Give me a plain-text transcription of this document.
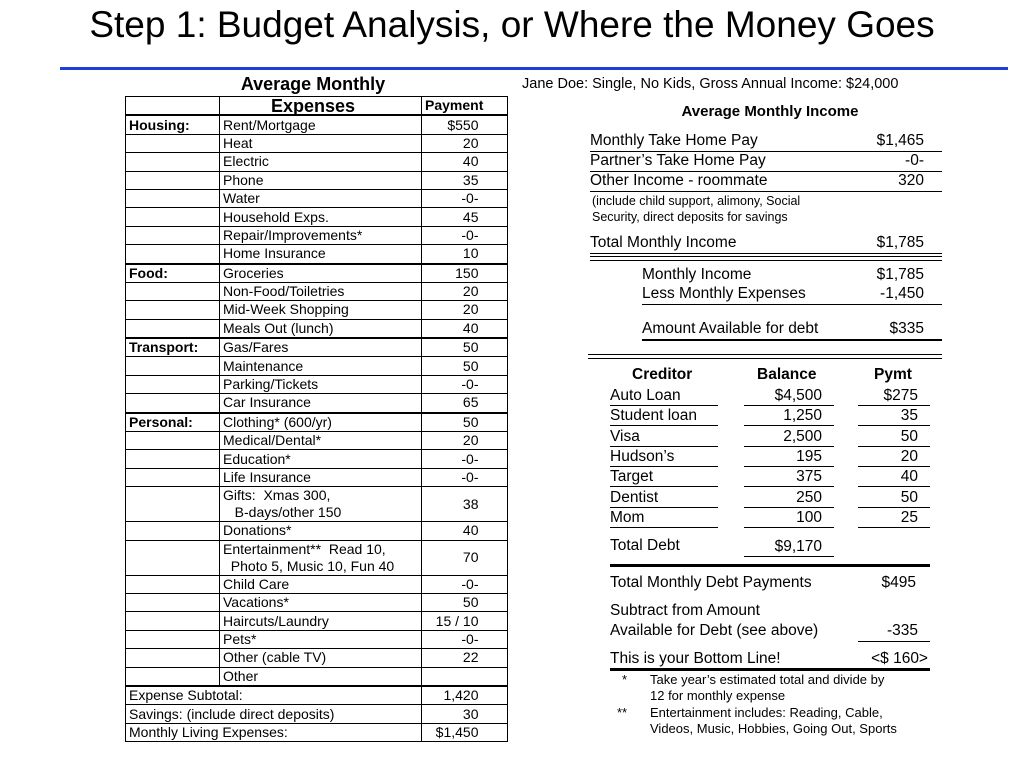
Step 1: Budget Analysis, or Where the Money Goes
Average Monthly Expenses
			Payment
Housing:	Rent/Mortgage	$550

	Heat	20

	Electric	40

	Phone	35

	Water	-0-

	Household Exps.	45

	Repair/Improvements*	-0-

	Home Insurance	10
Food:	Groceries	150

	Non-Food/Toiletries	20

	Mid-Week Shopping	20

	Meals Out (lunch)	40
Transport:	Gas/Fares	50

	Maintenance	50

	Parking/Tickets	-0-

	Car Insurance	65
Personal:	Clothing* (600/yr)	50

	Medical/Dental*	20

	Education*	-0-

	Life Insurance	-0-

	Gifts:  Xmas 300,
B-days/other 150	38

	Donations*	40

	Entertainment**  Read 10,
Photo 5, Music 10, Fun 40	70

	Child Care	-0-

	Vacations*	50

	Haircuts/Laundry	15 / 10

	Pets*	-0-

	Other (cable TV)	22

	Other	

Expense Subtotal:		1,420
Savings: (include direct deposits)		30
Monthly Living Expenses:		$1,450
Jane Doe: Single, No Kids, Gross Annual Income: $24,000
Average Monthly Income
Monthly Take Home Pay	$1,465
Partner’s Take Home Pay	-0-
Other Income - roommate	320
(include child support, alimony, Social
Security, direct deposits for savings
Total Monthly Income	$1,785
Monthly Income	$1,785
Less Monthly Expenses	-1,450
Amount Available for debt	$335
Creditor	Balance	Pymt
Auto Loan	$4,500	$275
Student loan	1,250	35
Visa	2,500	50
Hudson’s	195	20
Target	375	40
Dentist	250	50
Mom	100	25
Total Debt	$9,170
Total Monthly Debt Payments	$495
Subtract from Amount
Available for Debt (see above)	-335
This is your Bottom Line!	<$ 160>
* Take year’s estimated total and divide by
12 for monthly expense
** Entertainment includes: Reading, Cable,
Videos, Music, Hobbies, Going Out, Sports
